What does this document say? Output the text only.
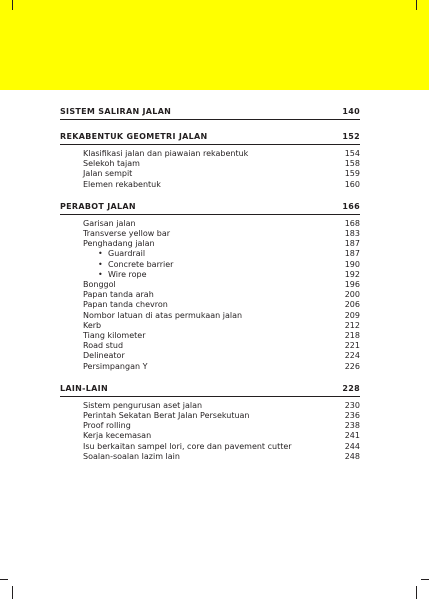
SISTEM SALIRAN JALAN	140
REKABENTUK GEOMETRI JALAN	152
Klasifikasi jalan dan piawaian rekabentuk	154
Selekoh tajam	158
Jalan sempit	159
Elemen rekabentuk	160
PERABOT JALAN	166
Garisan jalan	168
Transverse yellow bar	183
Penghadang jalan	187
• Guardrail	187
• Concrete barrier	190
• Wire rope	192
Bonggol	196
Papan tanda arah	200
Papan tanda chevron	206
Nombor latuan di atas permukaan jalan	209
Kerb	212
Tiang kilometer	218
Road stud	221
Delineator	224
Persimpangan Y	226
LAIN-LAIN	228
Sistem pengurusan aset jalan	230
Perintah Sekatan Berat Jalan Persekutuan	236
Proof rolling	238
Kerja kecemasan	241
Isu berkaitan sampel lori, core dan pavement cutter	244
Soalan-soalan lazim lain	248
